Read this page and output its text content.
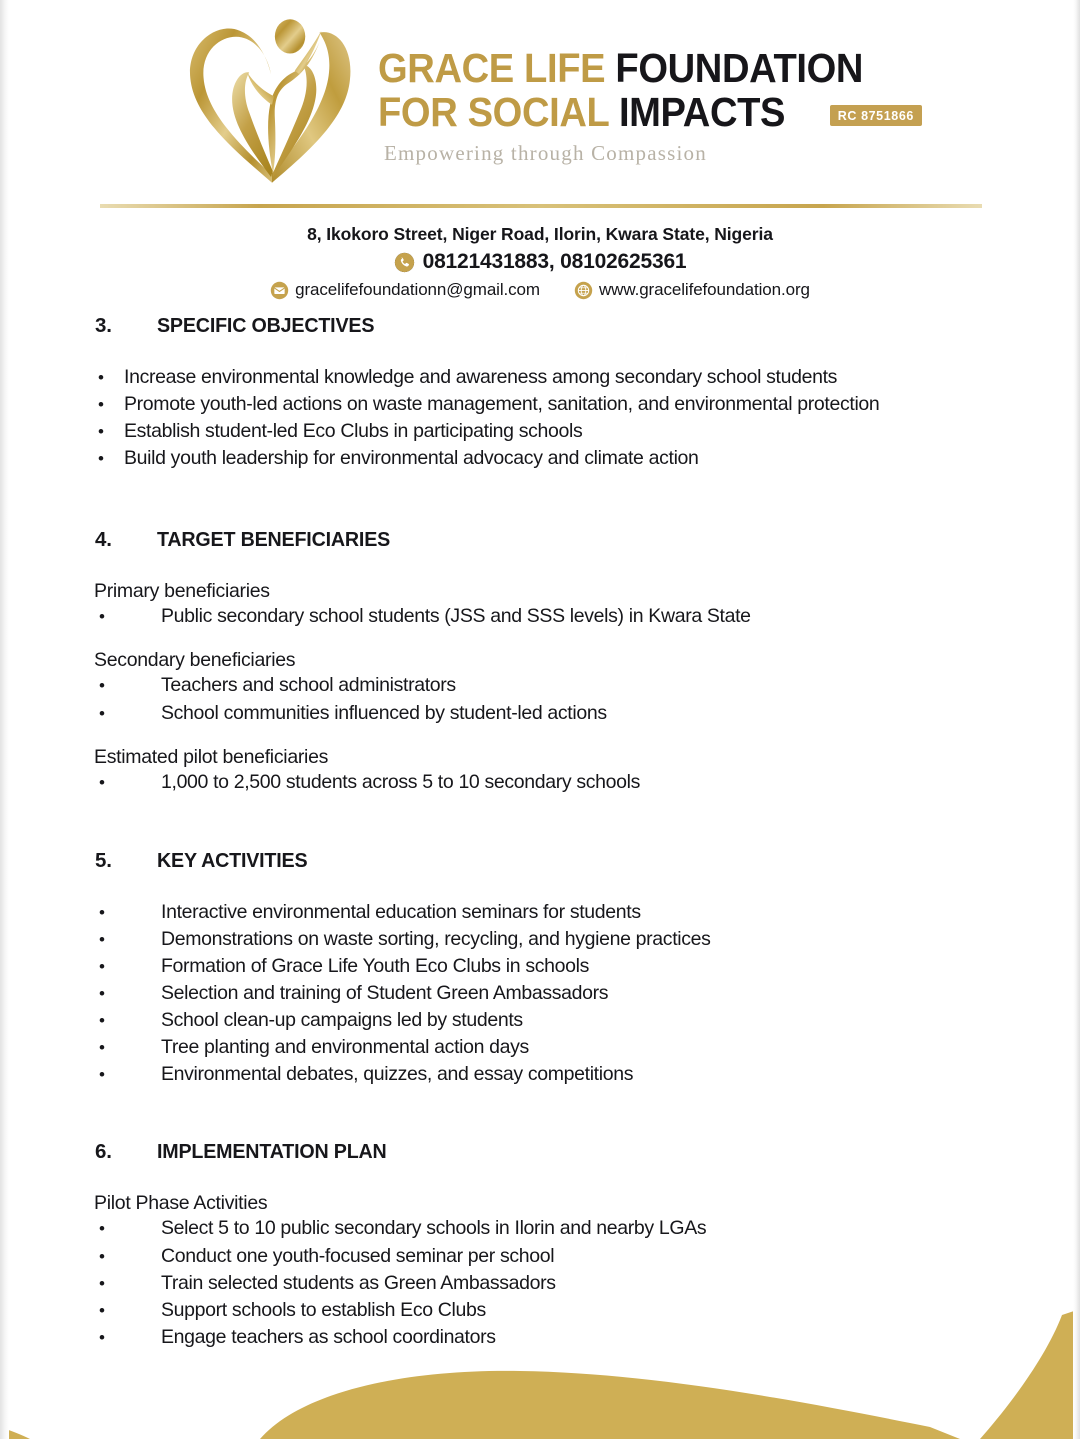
GRACE LIFE FOUNDATION
FOR SOCIAL IMPACTS	RC 8751866
Empowering through Compassion
8, Ikokoro Street, Niger Road, Ilorin, Kwara State, Nigeria
08121431883, 08102625361
gracelifefoundationn@gmail.com	www.gracelifefoundation.org
3.	SPECIFIC OBJECTIVES
•
Increase environmental knowledge and awareness among secondary school students
•
Promote youth-led actions on waste management, sanitation, and environmental protection
•
Establish student-led Eco Clubs in participating schools
•
Build youth leadership for environmental advocacy and climate action
4.	TARGET BENEFICIARIES
Primary beneficiaries
•
Public secondary school students (JSS and SSS levels) in Kwara State
Secondary beneficiaries
•
Teachers and school administrators
•
School communities influenced by student-led actions
Estimated pilot beneficiaries
•
1,000 to 2,500 students across 5 to 10 secondary schools
5.	KEY ACTIVITIES
•
Interactive environmental education seminars for students
•
Demonstrations on waste sorting, recycling, and hygiene practices
•
Formation of Grace Life Youth Eco Clubs in schools
•
Selection and training of Student Green Ambassadors
•
School clean-up campaigns led by students
•
Tree planting and environmental action days
•
Environmental debates, quizzes, and essay competitions
6.	IMPLEMENTATION PLAN
Pilot Phase Activities
•
Select 5 to 10 public secondary schools in Ilorin and nearby LGAs
•
Conduct one youth-focused seminar per school
•
Train selected students as Green Ambassadors
•
Support schools to establish Eco Clubs
•
Engage teachers as school coordinators
